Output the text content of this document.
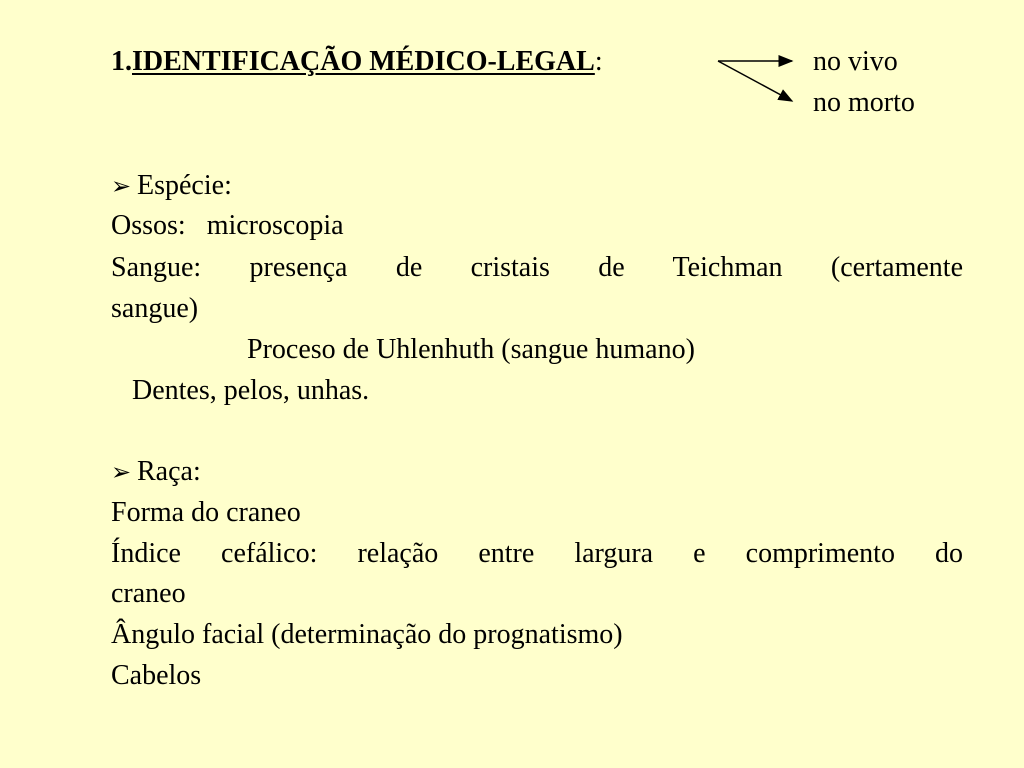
1.IDENTIFICAÇÃO MÉDICO-LEGAL:	no vivo
no morto
➢ Espécie:
Ossos:   microscopia
Sangue: presença de cristais de Teichman (certamente
sangue)
Proceso de Uhlenhuth (sangue humano)
Dentes, pelos, unhas.
➢ Raça:
Forma do craneo
Índice cefálico: relação entre largura e comprimento do
craneo
Ângulo facial (determinação do prognatismo)
Cabelos
